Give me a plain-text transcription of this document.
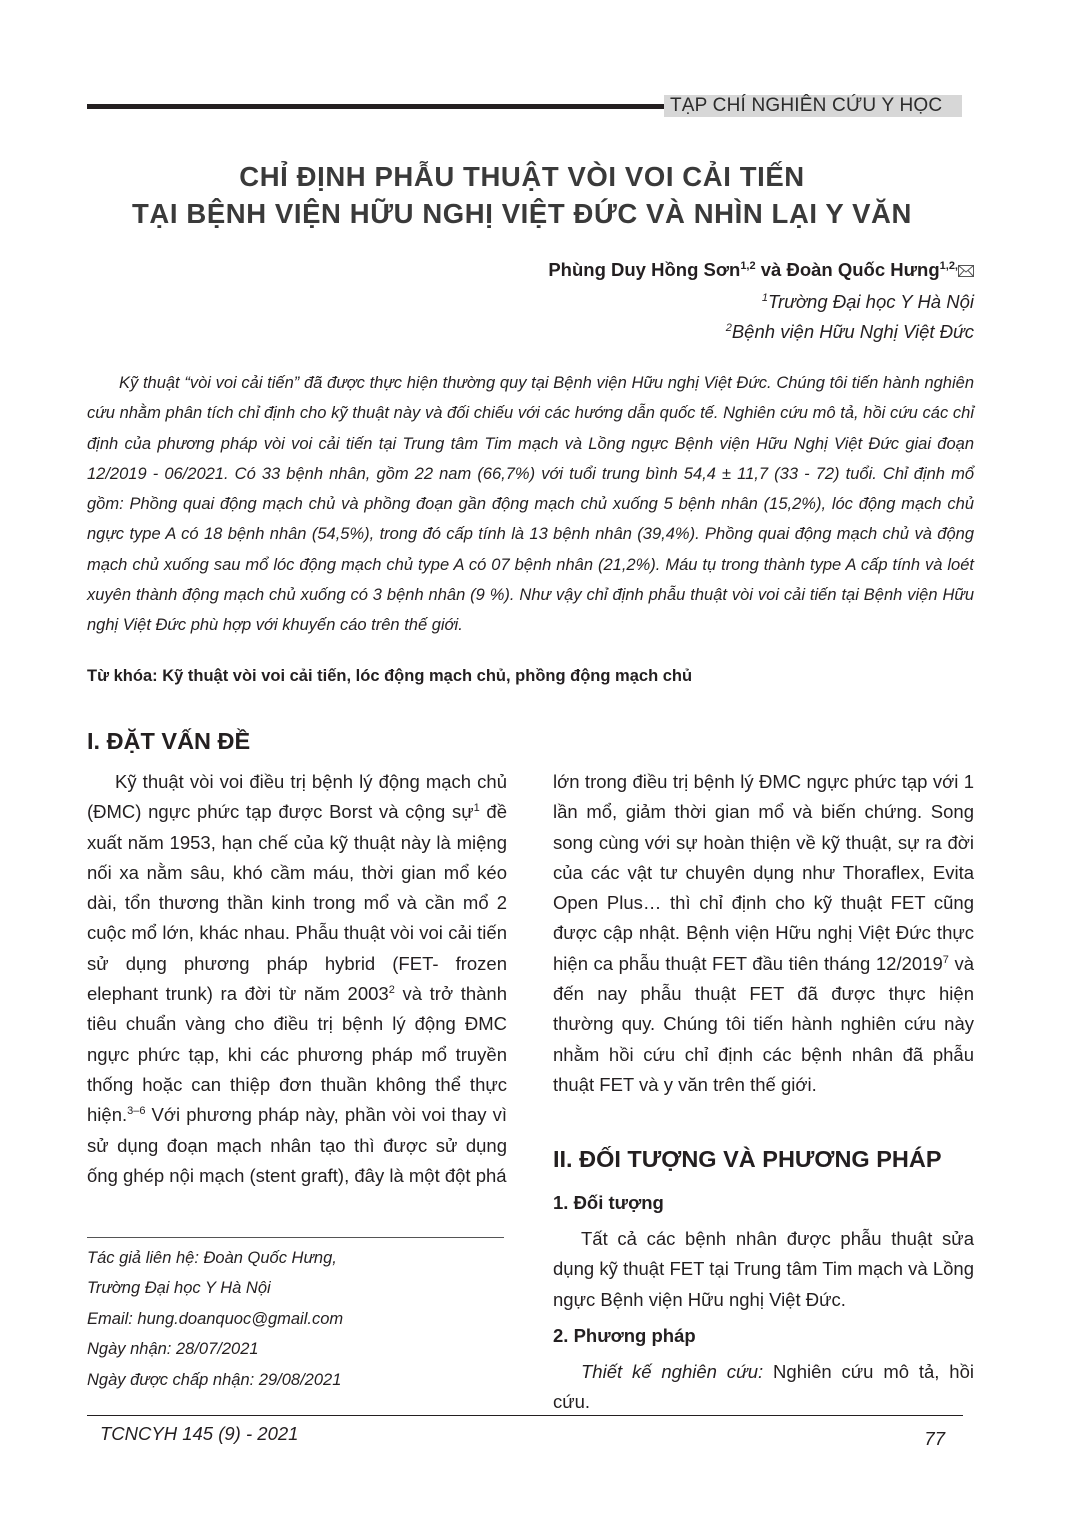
TẠP CHÍ NGHIÊN CỨU Y HỌC
CHỈ ĐỊNH PHẪU THUẬT VÒI VOI CẢI TIẾN
TẠI BỆNH VIỆN HỮU NGHỊ VIỆT ĐỨC VÀ NHÌN LẠI Y VĂN
Phùng Duy Hồng Sơn$^{1,2}$ và Đoàn Quốc Hưng$^{1,2,}$
$^1$Trường Đại học Y Hà Nội
$^2$Bệnh viện Hữu Nghị Việt Đức

Kỹ thuật “vòi voi cải tiến” đã được thực hiện thường quy tại Bệnh viện Hữu nghị Việt Đức. Chúng tôi tiến hành nghiên cứu nhằm phân tích chỉ định cho kỹ thuật này và đối chiếu với các hướng dẫn quốc tế. Nghiên cứu mô tả, hồi cứu các chỉ định của phương pháp vòi voi cải tiến tại Trung tâm Tim mạch và Lồng ngực Bệnh viện Hữu Nghị Việt Đức giai đoạn 12/2019 - 06/2021. Có 33 bệnh nhân, gồm 22 nam (66,7%) với tuổi trung bình 54,4 ± 11,7 (33 - 72) tuổi. Chỉ định mổ gồm: Phồng quai động mạch chủ và phồng đoạn gần động mạch chủ xuống 5 bệnh nhân (15,2%), lóc động mạch chủ ngực type A có 18 bệnh nhân (54,5%), trong đó cấp tính là 13 bệnh nhân (39,4%). Phồng quai động mạch chủ và động mạch chủ xuống sau mổ lóc động mạch chủ type A có 07 bệnh nhân (21,2%). Máu tụ trong thành type A cấp tính và loét xuyên thành động mạch chủ xuống có 3 bệnh nhân (9 %). Như vậy chỉ định phẫu thuật vòi voi cải tiến tại Bệnh viện Hữu nghị Việt Đức phù hợp với khuyến cáo trên thế giới.

Từ khóa: Kỹ thuật vòi voi cải tiến, lóc động mạch chủ, phồng động mạch chủ
I. ĐẶT VẤN ĐỀ

Kỹ thuật vòi voi điều trị bệnh lý động mạch chủ (ĐMC) ngực phức tạp được Borst và cộng sự$^1$ đề xuất năm 1953, hạn chế của kỹ thuật này là miệng nối xa nằm sâu, khó cầm máu, thời gian mổ kéo dài, tổn thương thần kinh trong mổ và cần mổ 2 cuộc mổ lớn, khác nhau. Phẫu thuật vòi voi cải tiến sử dụng phương pháp hybrid (FET- frozen elephant trunk) ra đời từ năm 2003$^2$ và trở thành tiêu chuẩn vàng cho điều trị bệnh lý động ĐMC ngực phức tạp, khi các phương pháp mổ truyền thống hoặc can thiệp đơn thuần không thể thực hiện.$^{3-6}$ Với phương pháp này, phần vòi voi thay vì sử dụng đoạn mạch nhân tạo thì được sử dụng ống ghép nội mạch (stent graft), đây là một đột phá

lớn trong điều trị bệnh lý ĐMC ngực phức tạp với 1 lần mổ, giảm thời gian mổ và biến chứng. Song song cùng với sự hoàn thiện về kỹ thuật, sự ra đời của các vật tư chuyên dụng như Thoraflex, Evita Open Plus… thì chỉ định cho kỹ thuật FET cũng được cập nhật. Bệnh viện Hữu nghị Việt Đức thực hiện ca phẫu thuật FET đầu tiên tháng 12/2019$^7$ và đến nay phẫu thuật FET đã được thực hiện thường quy. Chúng tôi tiến hành nghiên cứu này nhằm hồi cứu chỉ định các bệnh nhân đã phẫu thuật FET và y văn trên thế giới.

II. ĐỐI TƯỢNG VÀ PHƯƠNG PHÁP
1. Đối tượng

Tất cả các bệnh nhân được phẫu thuật sửa dụng kỹ thuật FET tại Trung tâm Tim mạch và Lồng ngực Bệnh viện Hữu nghị Việt Đức.

2. Phương pháp

Thiết kế nghiên cứu: Nghiên cứu mô tả, hồi cứu.

Tác giả liên hệ: Đoàn Quốc Hưng,
Trường Đại học Y Hà Nội
Email: hung.doanquoc@gmail.com
Ngày nhận: 28/07/2021
Ngày được chấp nhận: 29/08/2021
TCNCYH 145 (9) - 2021	77
